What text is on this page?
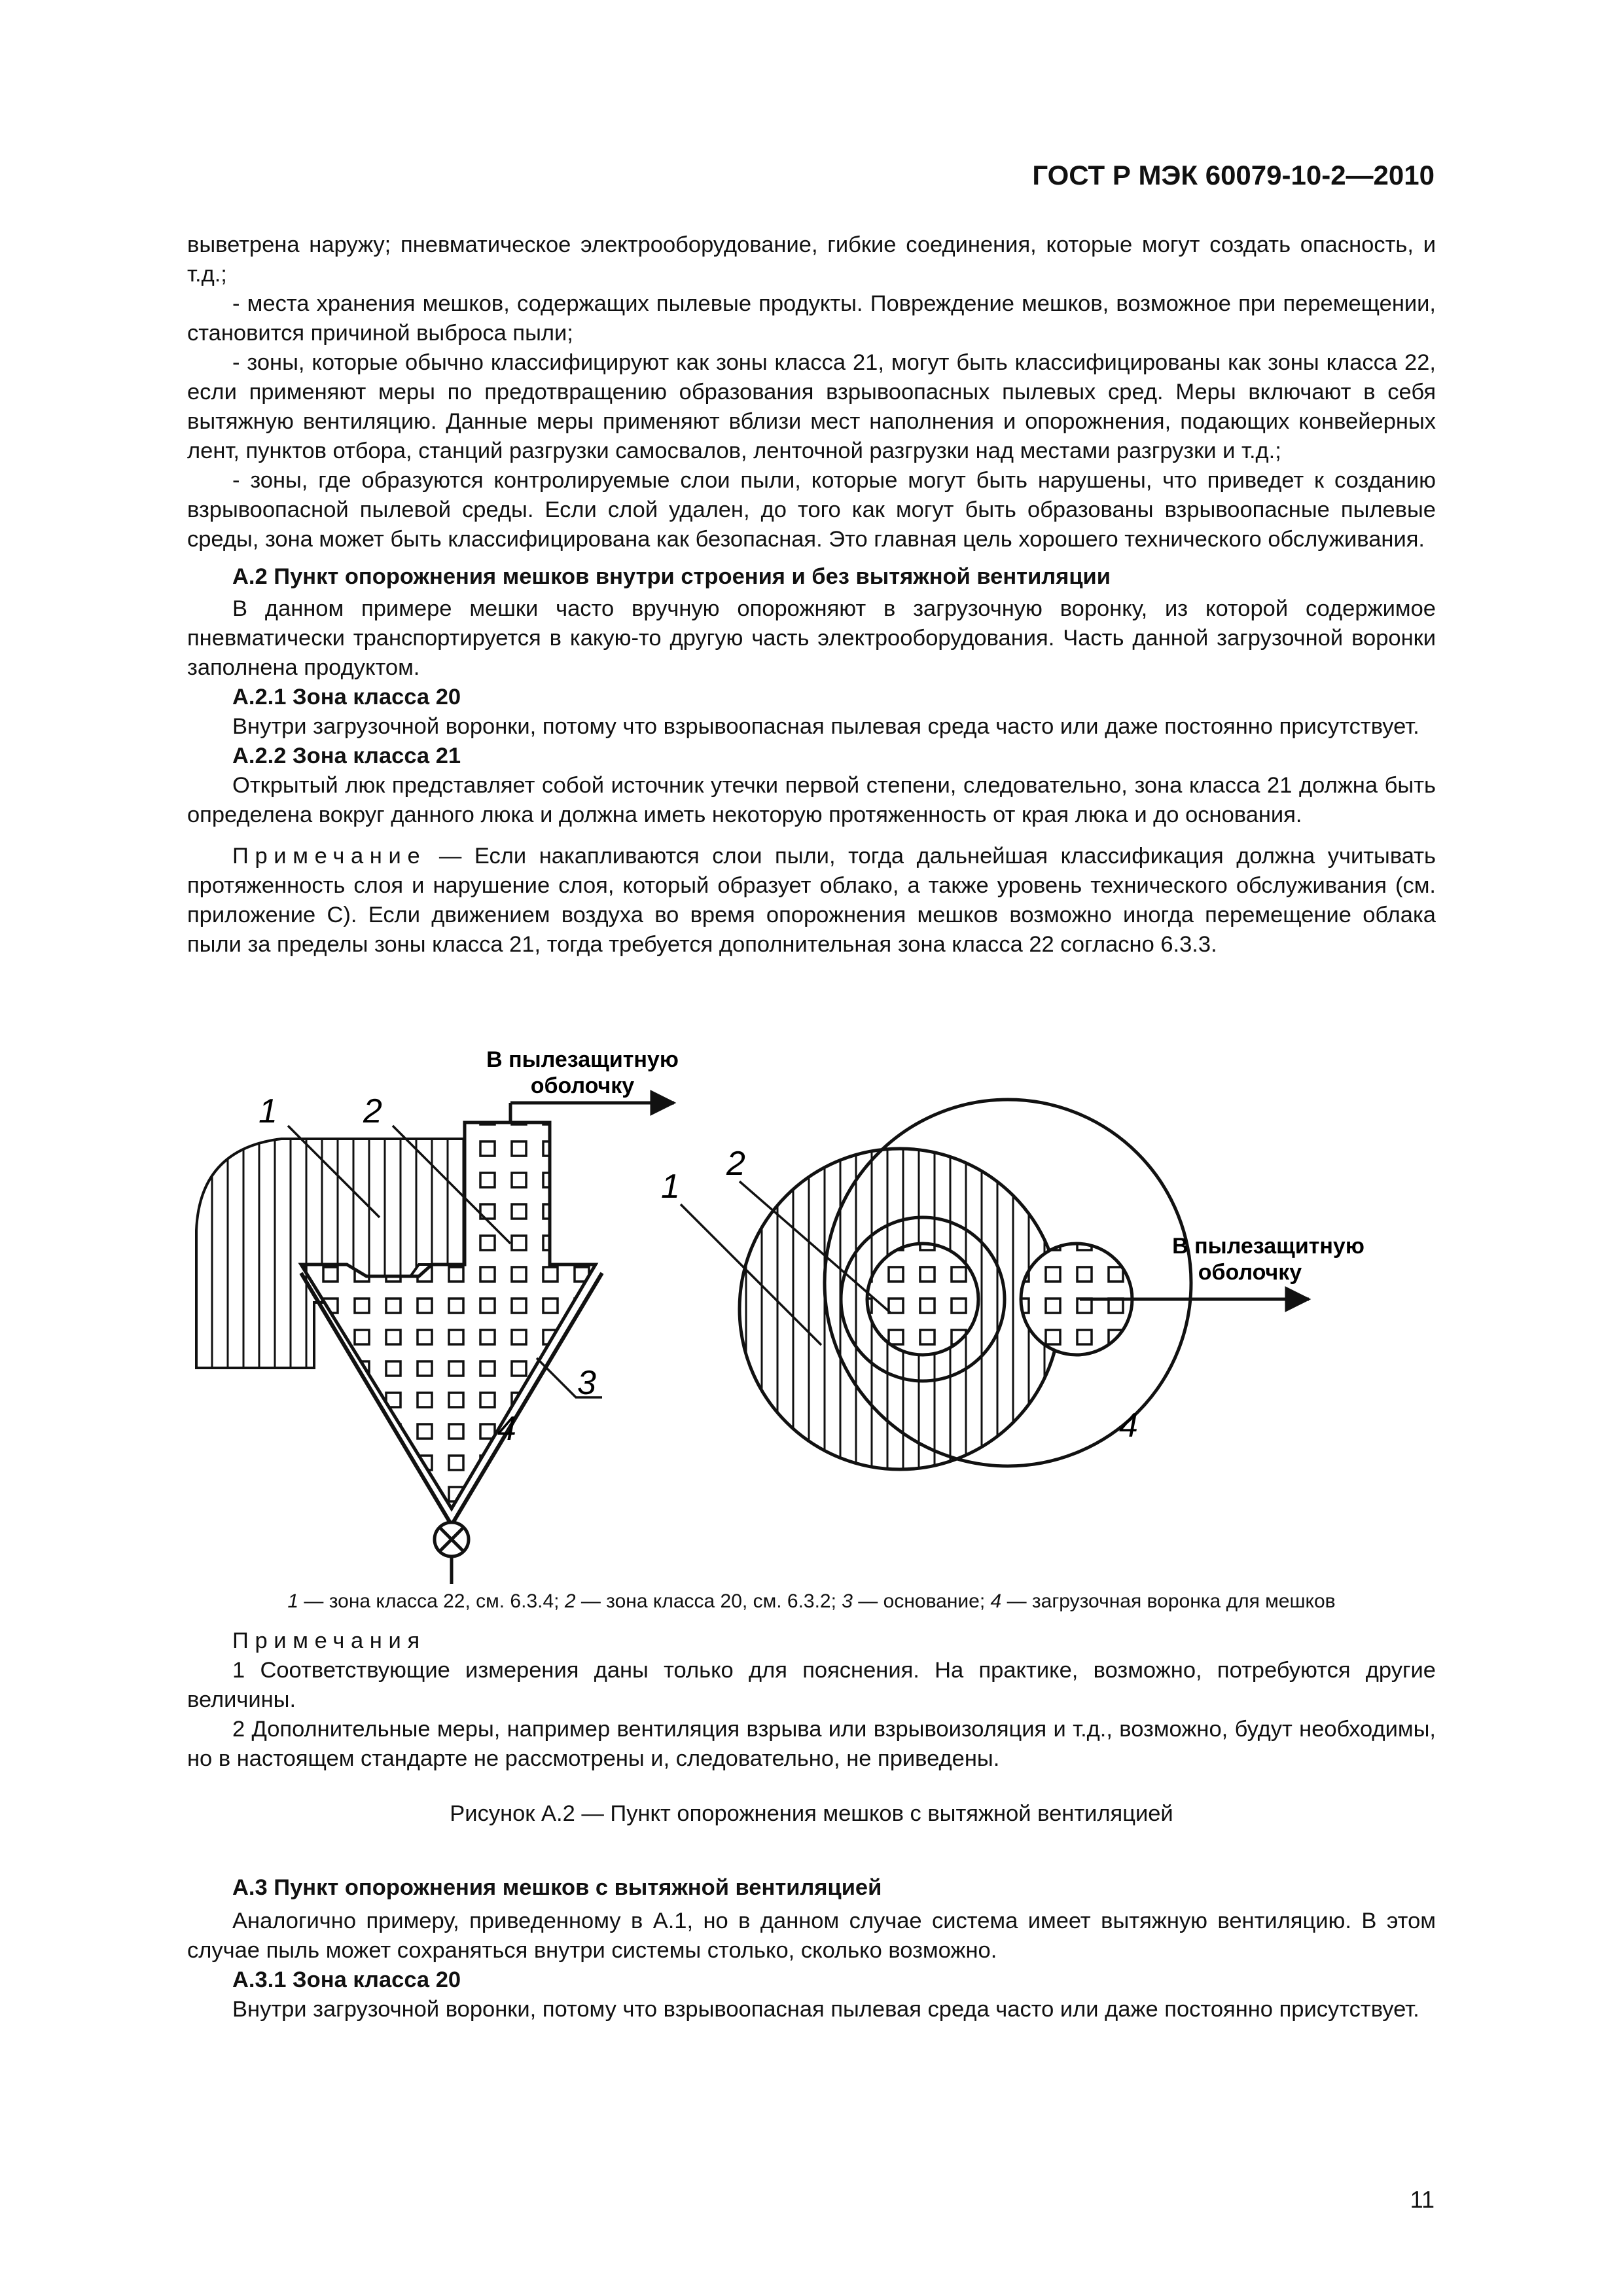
ГОСТ Р МЭК 60079-10-2—2010

выветрена наружу; пневматическое электрооборудование, гибкие соединения, которые могут создать опасность, и т.д.;

- места хранения мешков, содержащих пылевые продукты. Повреждение мешков, возможное при перемещении, становится причиной выброса пыли;

- зоны, которые обычно классифицируют как зоны класса 21, могут быть классифицированы как зоны класса 22, если применяют меры по предотвращению образования взрывоопасных пылевых сред. Меры включают в себя вытяжную вентиляцию. Данные меры применяют вблизи мест наполнения и опорожнения, подающих конвейерных лент, пунктов отбора, станций разгрузки самосвалов, ленточной разгрузки над местами разгрузки и т.д.;

- зоны, где образуются контролируемые слои пыли, которые могут быть нарушены, что приведет к созданию взрывоопасной пылевой среды. Если слой удален, до того как могут быть образованы взрывоопасные пылевые среды, зона может быть классифицирована как безопасная. Это главная цель хорошего технического обслуживания.

А.2 Пункт опорожнения мешков внутри строения и без вытяжной вентиляции

В данном примере мешки часто вручную опорожняют в загрузочную воронку, из которой содержимое пневматически транспортируется в какую-то другую часть электрооборудования. Часть данной загрузочной воронки заполнена продуктом.

А.2.1 Зона класса 20

Внутри загрузочной воронки, потому что взрывоопасная пылевая среда часто или даже постоянно присутствует.

А.2.2 Зона класса 21

Открытый люк представляет собой источник утечки первой степени, следовательно, зона класса 21 должна быть определена вокруг данного люка и должна иметь некоторую протяженность от края люка и до основания.

Примечание — Если накапливаются слои пыли, тогда дальнейшая классификация должна учитывать протяженность слоя и нарушение слоя, который образует облако, а также уровень технического обслуживания (см. приложение С). Если движением воздуха во время опорожнения мешков возможно иногда перемещение облака пыли за пределы зоны класса 21, тогда требуется дополнительная зона класса 22 согласно 6.3.3.

В пылезащитную
оболочку
В пылезащитную
оболочку
1	2
3
4
1
2
4
1 — зона класса 22, см. 6.3.4; 2 — зона класса 20, см. 6.3.2; 3 — основание; 4 — загрузочная воронка для мешков

Примечания

1 Соответствующие измерения даны только для пояснения. На практике, возможно, потребуются другие величины.

2 Дополнительные меры, например вентиляция взрыва или взрывоизоляция и т.д., возможно, будут необходимы, но в настоящем стандарте не рассмотрены и, следовательно, не приведены.

Рисунок А.2 — Пункт опорожнения мешков с вытяжной вентиляцией

А.3 Пункт опорожнения мешков с вытяжной вентиляцией

Аналогично примеру, приведенному в А.1, но в данном случае система имеет вытяжную вентиляцию. В этом случае пыль может сохраняться внутри системы столько, сколько возможно.

А.3.1 Зона класса 20

Внутри загрузочной воронки, потому что взрывоопасная пылевая среда часто или даже постоянно присутствует.

11
